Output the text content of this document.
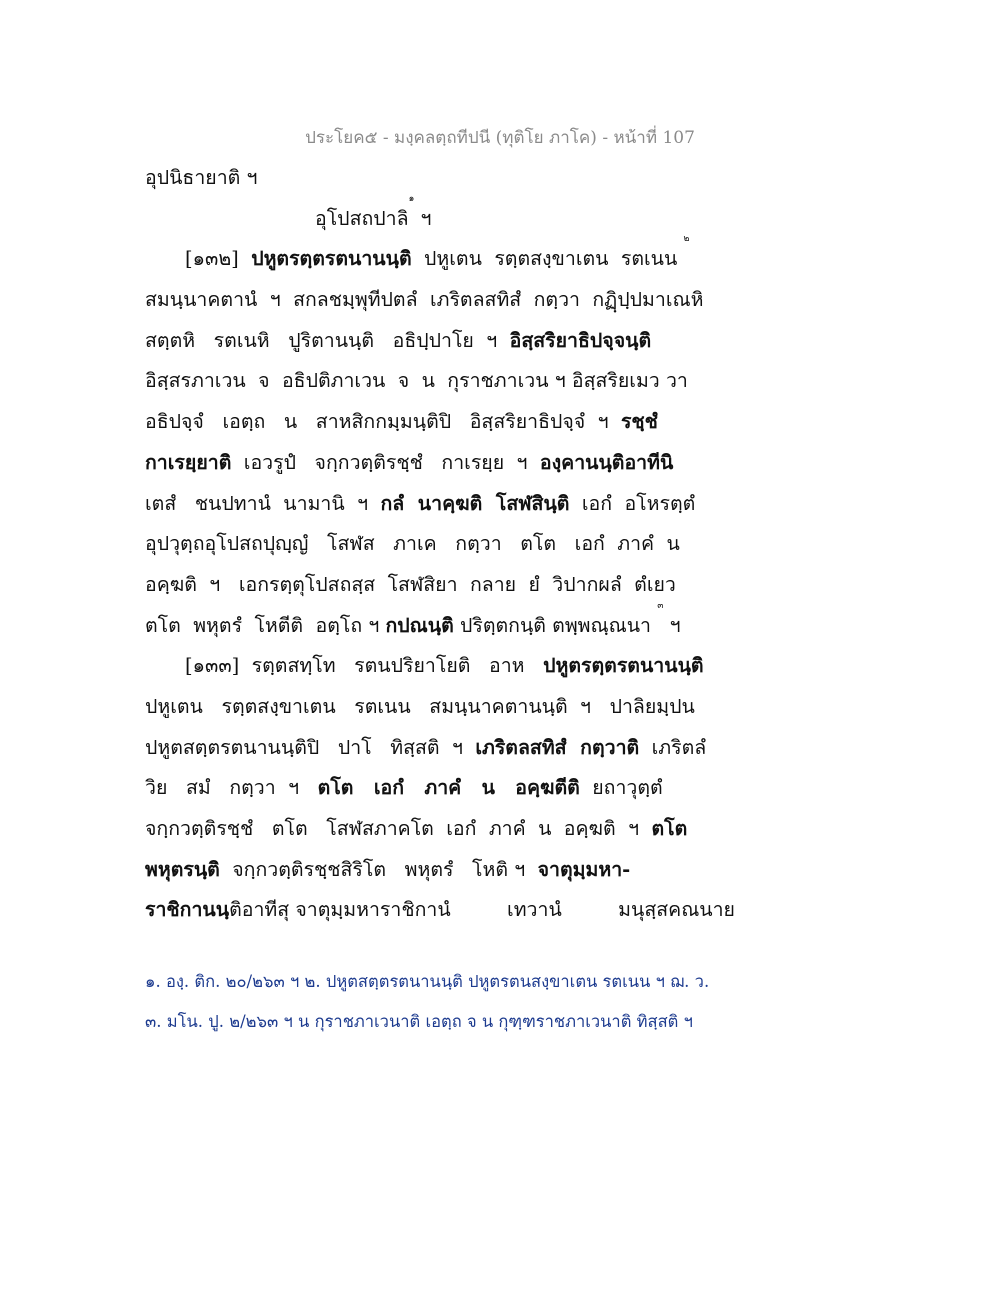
ประโยค๕ - มงฺคลตฺถทีปนี (ทุติโย ภาโค) - หน้าที่ 107
อุปนิธายาติ ฯ
อุโปสถปาลิ
๑
ฯ
[๑๓๒]
ปหูตรตฺตรตนานนฺติ
ปหูเตน  รตฺตสงฺขาเตน  รตเนน

๒
สมนฺนาคตานํ  ฯ  สกลชมฺพุทีปตลํ  เภริตลสทิสํ  กตฺวา  กฏฺิปฺปมาเณหิ
สตฺตหิ   รตเนหิ   ปูริตานนฺติ   อธิปฺปาโย  ฯ
อิสฺสริยาธิปจฺจนฺติ
อิสฺสรภาเวน  จ  อธิปติภาเวน  จ  น  กุราชภาเวน ฯ อิสฺสริยเมว วา
อธิปจฺจํ   เอตฺถ   น   สาหสิกกมฺมนฺติปิ   อิสฺสริยาธิปจฺจํ  ฯ
รชฺชํ
กาเรยฺยาติ
เอวรูปํ   จกฺกวตฺติรชฺชํ   กาเรยฺย  ฯ
องฺคานนฺติอาทีนิ
เตสํ   ชนปทานํ  นามานิ  ฯ
กลํ  นาคฺฆติ  โสฬสินฺติ
เอกํ  อโหรตฺตํ
อุปวุตฺถอุโปสถปุญฺญํ   โสฬส   ภาเค   กตฺวา   ตโต   เอกํ  ภาคํ  น
อคฺฆติ  ฯ   เอกรตฺตุโปสถสฺส  โสฬสิยา  กลาย  ยํ  วิปากผลํ  ตํเยว
ตโต  พหุตรํ  โหตีติ  อตฺโถ ฯ
กปณนฺติ
ปริตฺตกนฺติ ตพฺพณฺณนา

๓

ฯ
[๑๓๓]
รตฺตสทฺโท   รตนปริยาโยติ   อาห
ปหูตรตฺตรตนานนฺติ
ปหูเตน   รตฺตสงฺขาเตน   รตเนน   สมนฺนาคตานนฺติ  ฯ   ปาลิยมฺปน
ปหูตสตฺตรตนานนฺติปิ   ปาโ   ทิสฺสติ  ฯ
เภริตลสทิสํ  กตฺวาติ
เภริตลํ
วิย   สมํ   กตฺวา  ฯ
ตโต   เอกํ   ภาคํ   น   อคฺฆตีติ
ยถาวุตฺตํ
จกฺกวตฺติรชฺชํ   ตโต   โสฬสภาคโต  เอกํ  ภาคํ  น  อคฺฆติ  ฯ
ตโต
พหุตรนฺติ
จกฺกวตฺติรชฺชสิริโต   พหุตรํ   โหติ ฯ
จาตุมฺมหา-
ราชิกานนฺติอาทีสุ จาตุมฺมหาราชิกานํ	เทวานํ	มนุสฺสคณนาย
๑. องฺ. ติก. ๒๐/๒๖๓ ฯ ๒. ปหูตสตฺตรตนานนฺติ ปหูตรตนสงฺขาเตน รตเนน ฯ ฌ. ว.
๓. มโน. ปู. ๒/๒๖๓ ฯ น กุราชภาเวนาติ เอตฺถ จ น กุฑฺฑราชภาเวนาติ ทิสฺสติ ฯ
